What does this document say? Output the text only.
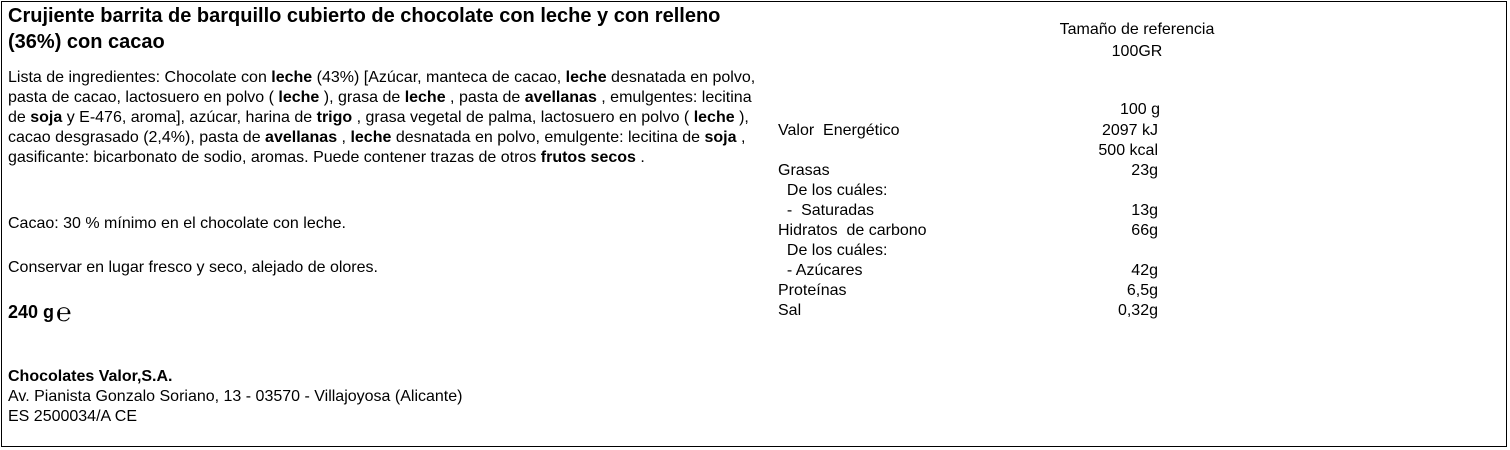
Crujiente barrita de barquillo cubierto de chocolate con leche y con relleno (36%) con cacao
Lista de ingredientes: Chocolate con leche (43%) [Azúcar, manteca de cacao, leche desnatada en polvo, pasta de cacao, lactosuero en polvo ( leche ), grasa de leche , pasta de avellanas , emulgentes: lecitina de soja y E-476, aroma], azúcar, harina de trigo , grasa vegetal de palma, lactosuero en polvo ( leche ), cacao desgrasado (2,4%), pasta de avellanas , leche desnatada en polvo, emulgente: lecitina de soja , gasificante: bicarbonato de sodio, aromas. Puede contener trazas de otros frutos secos .
Cacao: 30 % mínimo en el chocolate con leche.
Conservar en lugar fresco y seco, alejado de olores.
240 g℮
Chocolates Valor,S.A.
Av. Pianista Gonzalo Soriano, 13 - 03570 - Villajoyosa (Alicante)
ES 2500034/A CE
Tamaño de referencia
100GR
100 g
Valor  Energético	2097 kJ
500 kcal
Grasas	23g
De los cuáles:
-  Saturadas	13g
Hidratos  de carbono	66g
De los cuáles:
- Azúcares	42g
Proteínas	6,5g
Sal	0,32g
